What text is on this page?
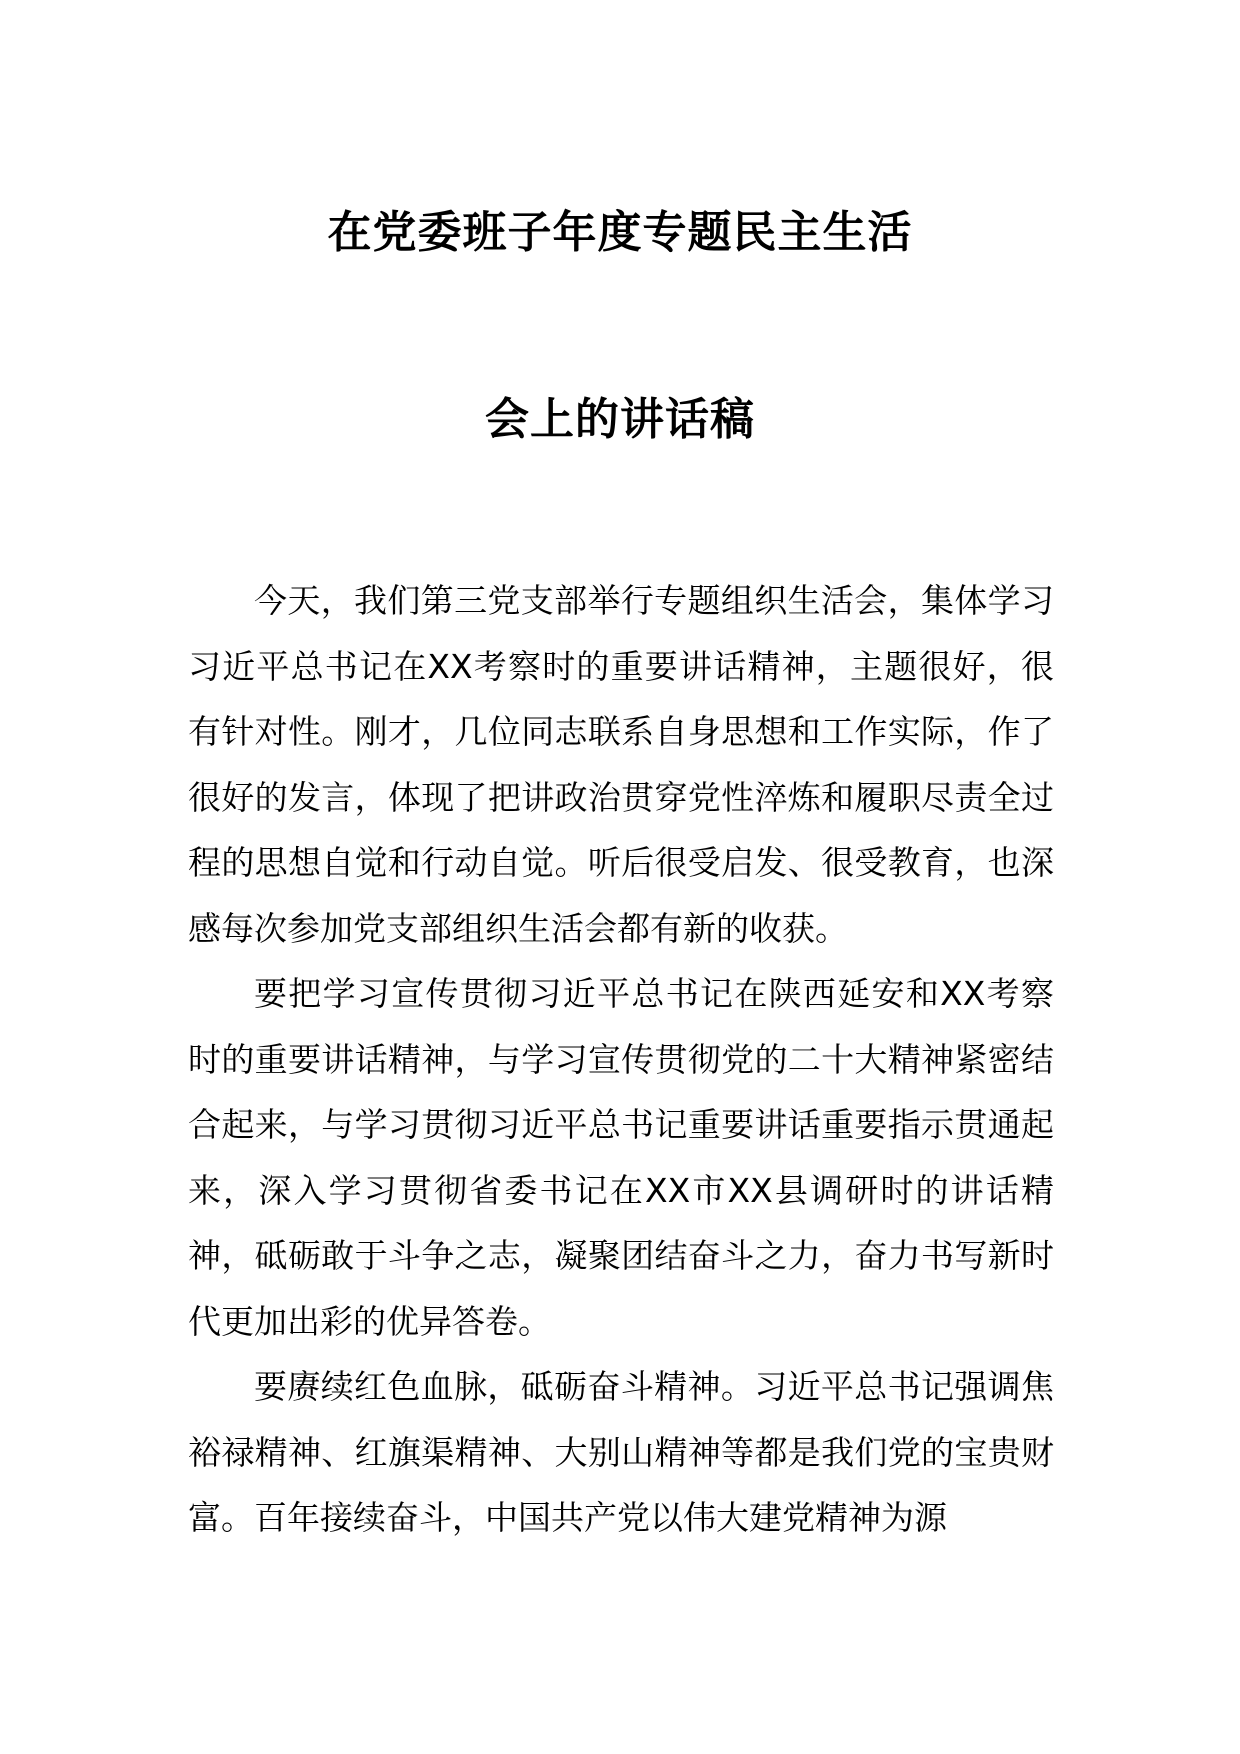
在党委班子年度专题民主生活
会上的讲话稿

今天，我们第三党支部举行专题组织生活会，集体学习习近平总书记在XX考察时的重要讲话精神，主题很好，很有针对性。刚才，几位同志联系自身思想和工作实际，作了很好的发言，体现了把讲政治贯穿党性淬炼和履职尽责全过程的思想自觉和行动自觉。听后很受启发、很受教育，也深感每次参加党支部组织生活会都有新的收获。

要把学习宣传贯彻习近平总书记在陕西延安和XX考察时的重要讲话精神，与学习宣传贯彻党的二十大精神紧密结合起来，与学习贯彻习近平总书记重要讲话重要指示贯通起来，深入学习贯彻省委书记在XX市XX县调研时的讲话精神，砥砺敢于斗争之志，凝聚团结奋斗之力，奋力书写新时代更加出彩的优异答卷。

要赓续红色血脉，砥砺奋斗精神。习近平总书记强调焦裕禄精神、红旗渠精神、大别山精神等都是我们党的宝贵财富。百年接续奋斗，中国共产党以伟大建党精神为源
